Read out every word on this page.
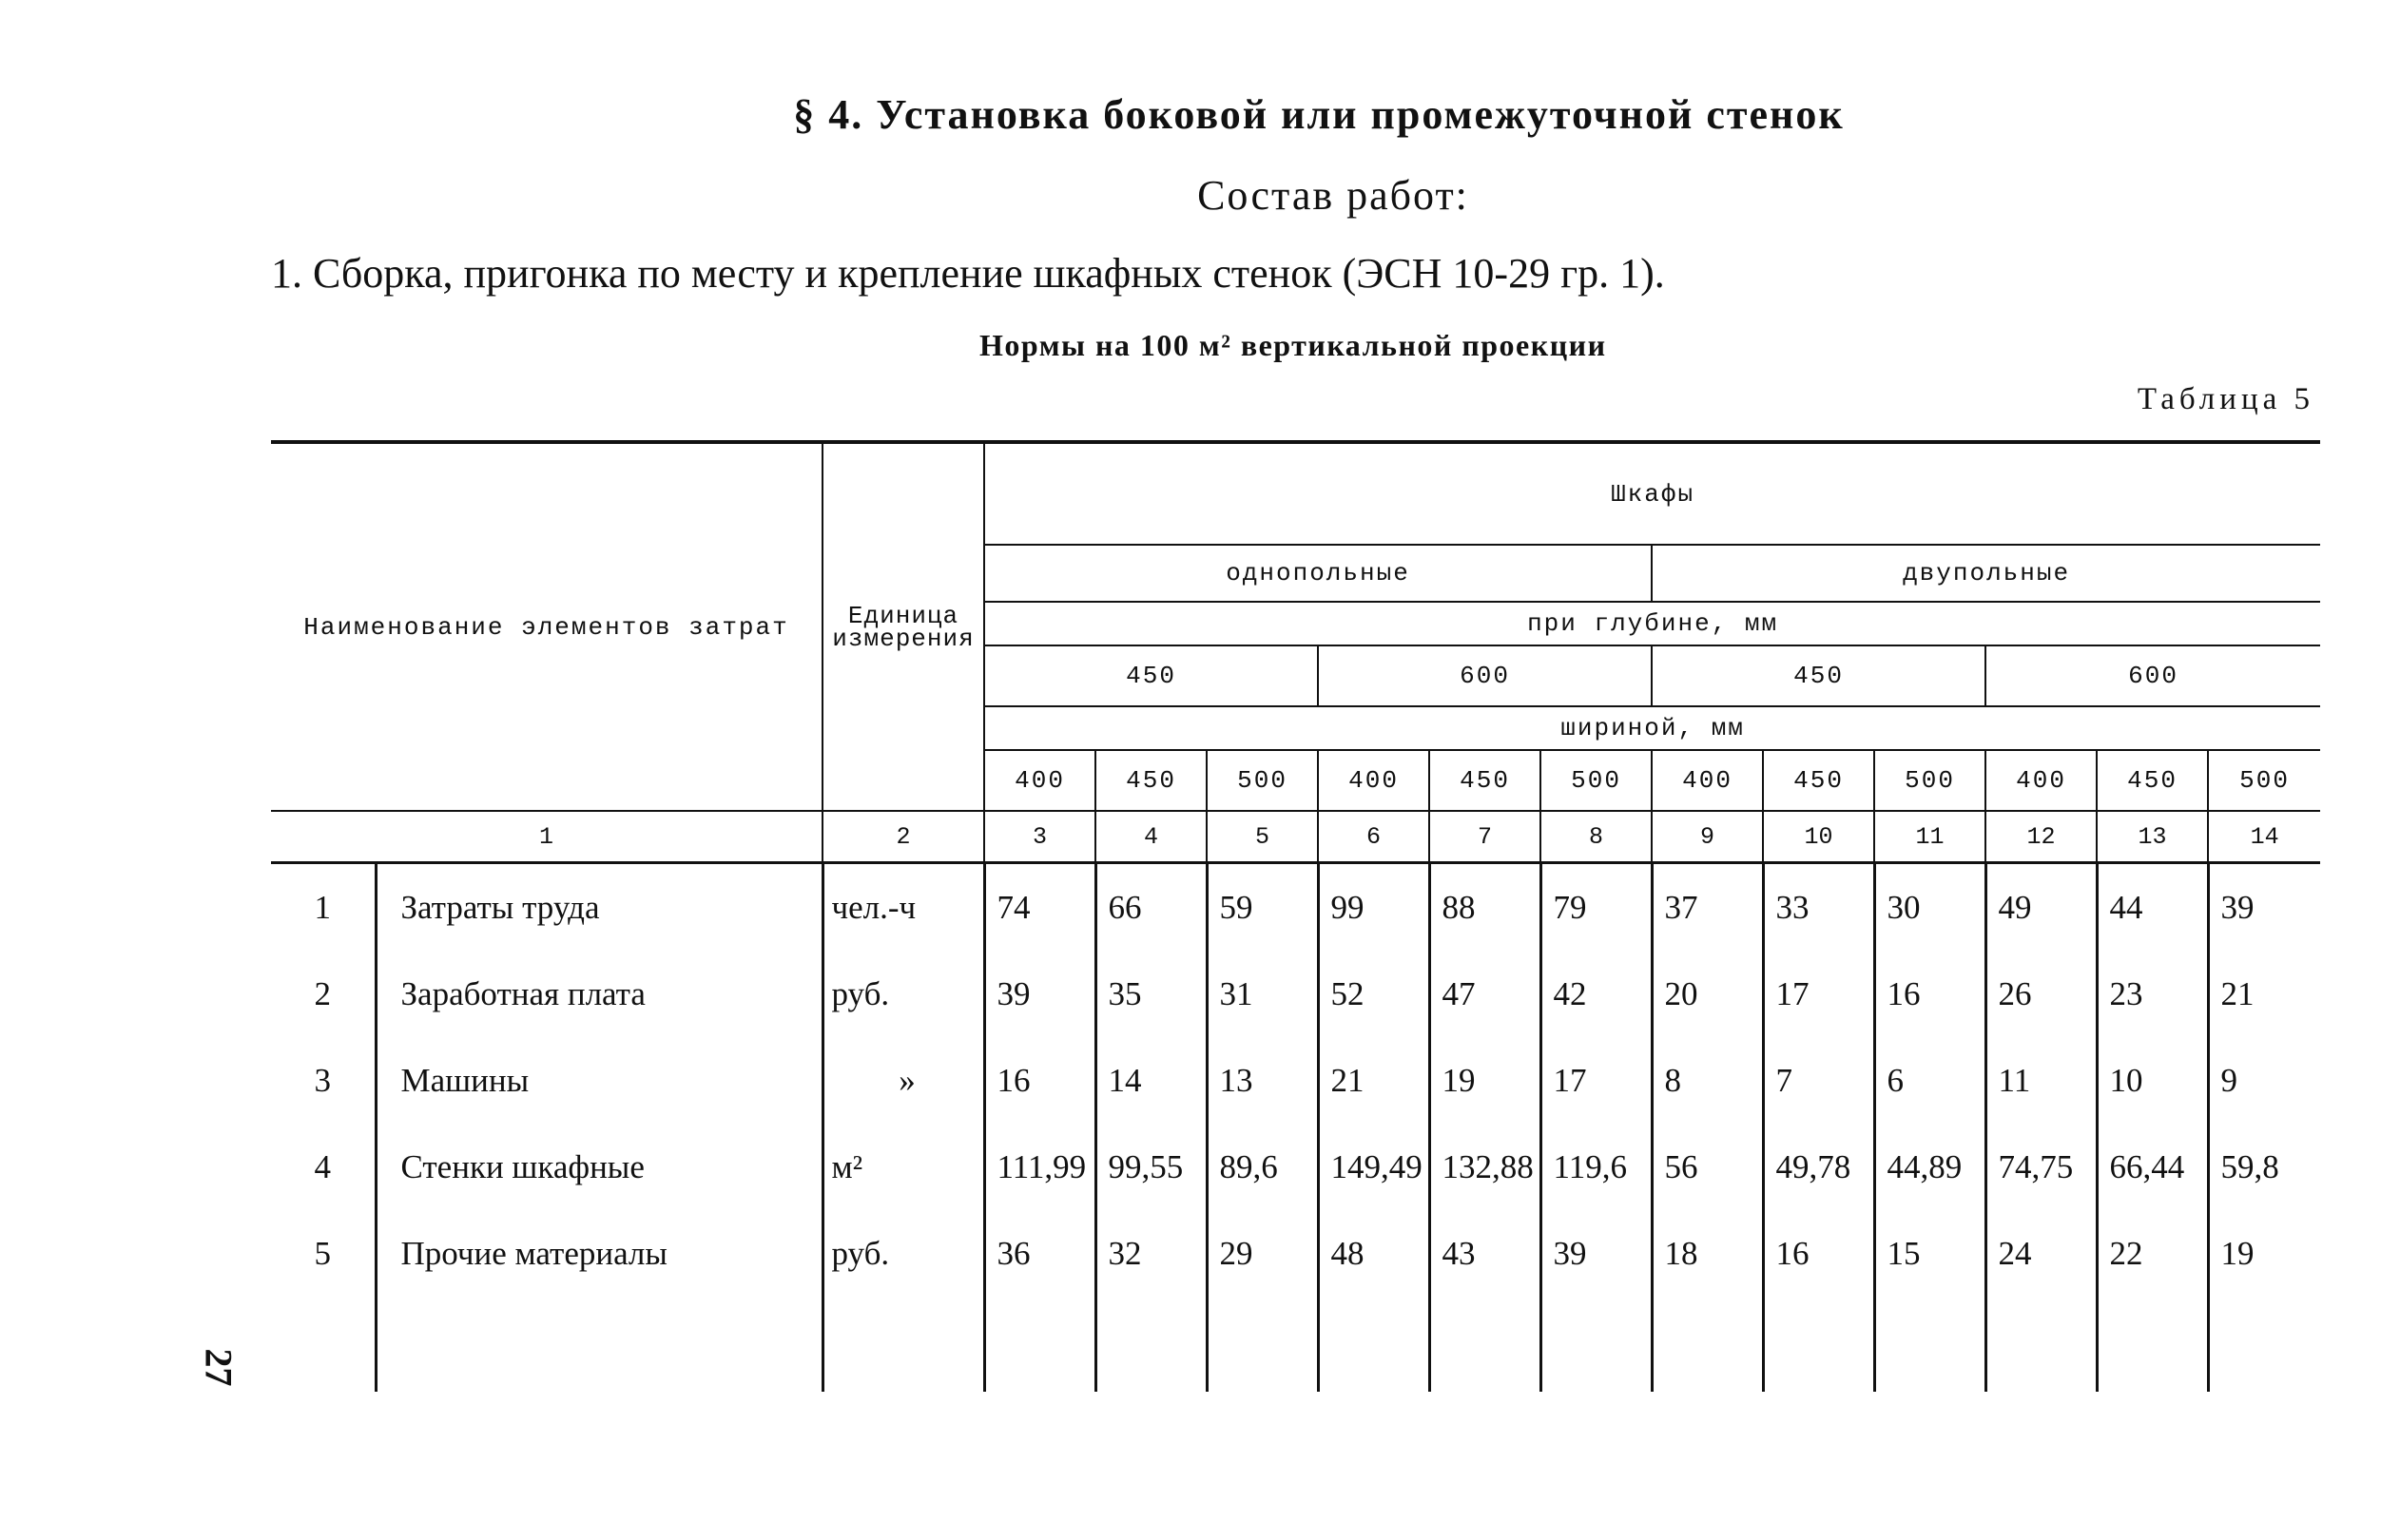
§ 4. Установка боковой или промежуточной стенок
Состав работ:
1. Сборка, пригонка по месту и крепление шкафных стенок (ЭСН 10-29 гр. 1).
Нормы на 100 м² вертикальной проекции
Таблица 5
27
Наименование элементов затрат		Единица измерения	Шкафы											
			однопольные						двупольные					
			при глубине, мм											
			450			600			450			600		
			шириной, мм											
			400	450	500	400	450	500	400	450	500	400	450	500
1		2	3	4	5	6	7	8	9	10	11	12	13	14
1	Затраты труда	чел.-ч	74	66	59	99	88	79	37	33	30	49	44	39
2	Заработная плата	руб.	39	35	31	52	47	42	20	17	16	26	23	21
3	Машины	»	16	14	13	21	19	17	8	7	6	11	10	9
4	Стенки шкафные	м²	111,99	99,55	89,6	149,49	132,88	119,6	56	49,78	44,89	74,75	66,44	59,8
5	Прочие материалы	руб.	36	32	29	48	43	39	18	16	15	24	22	19
